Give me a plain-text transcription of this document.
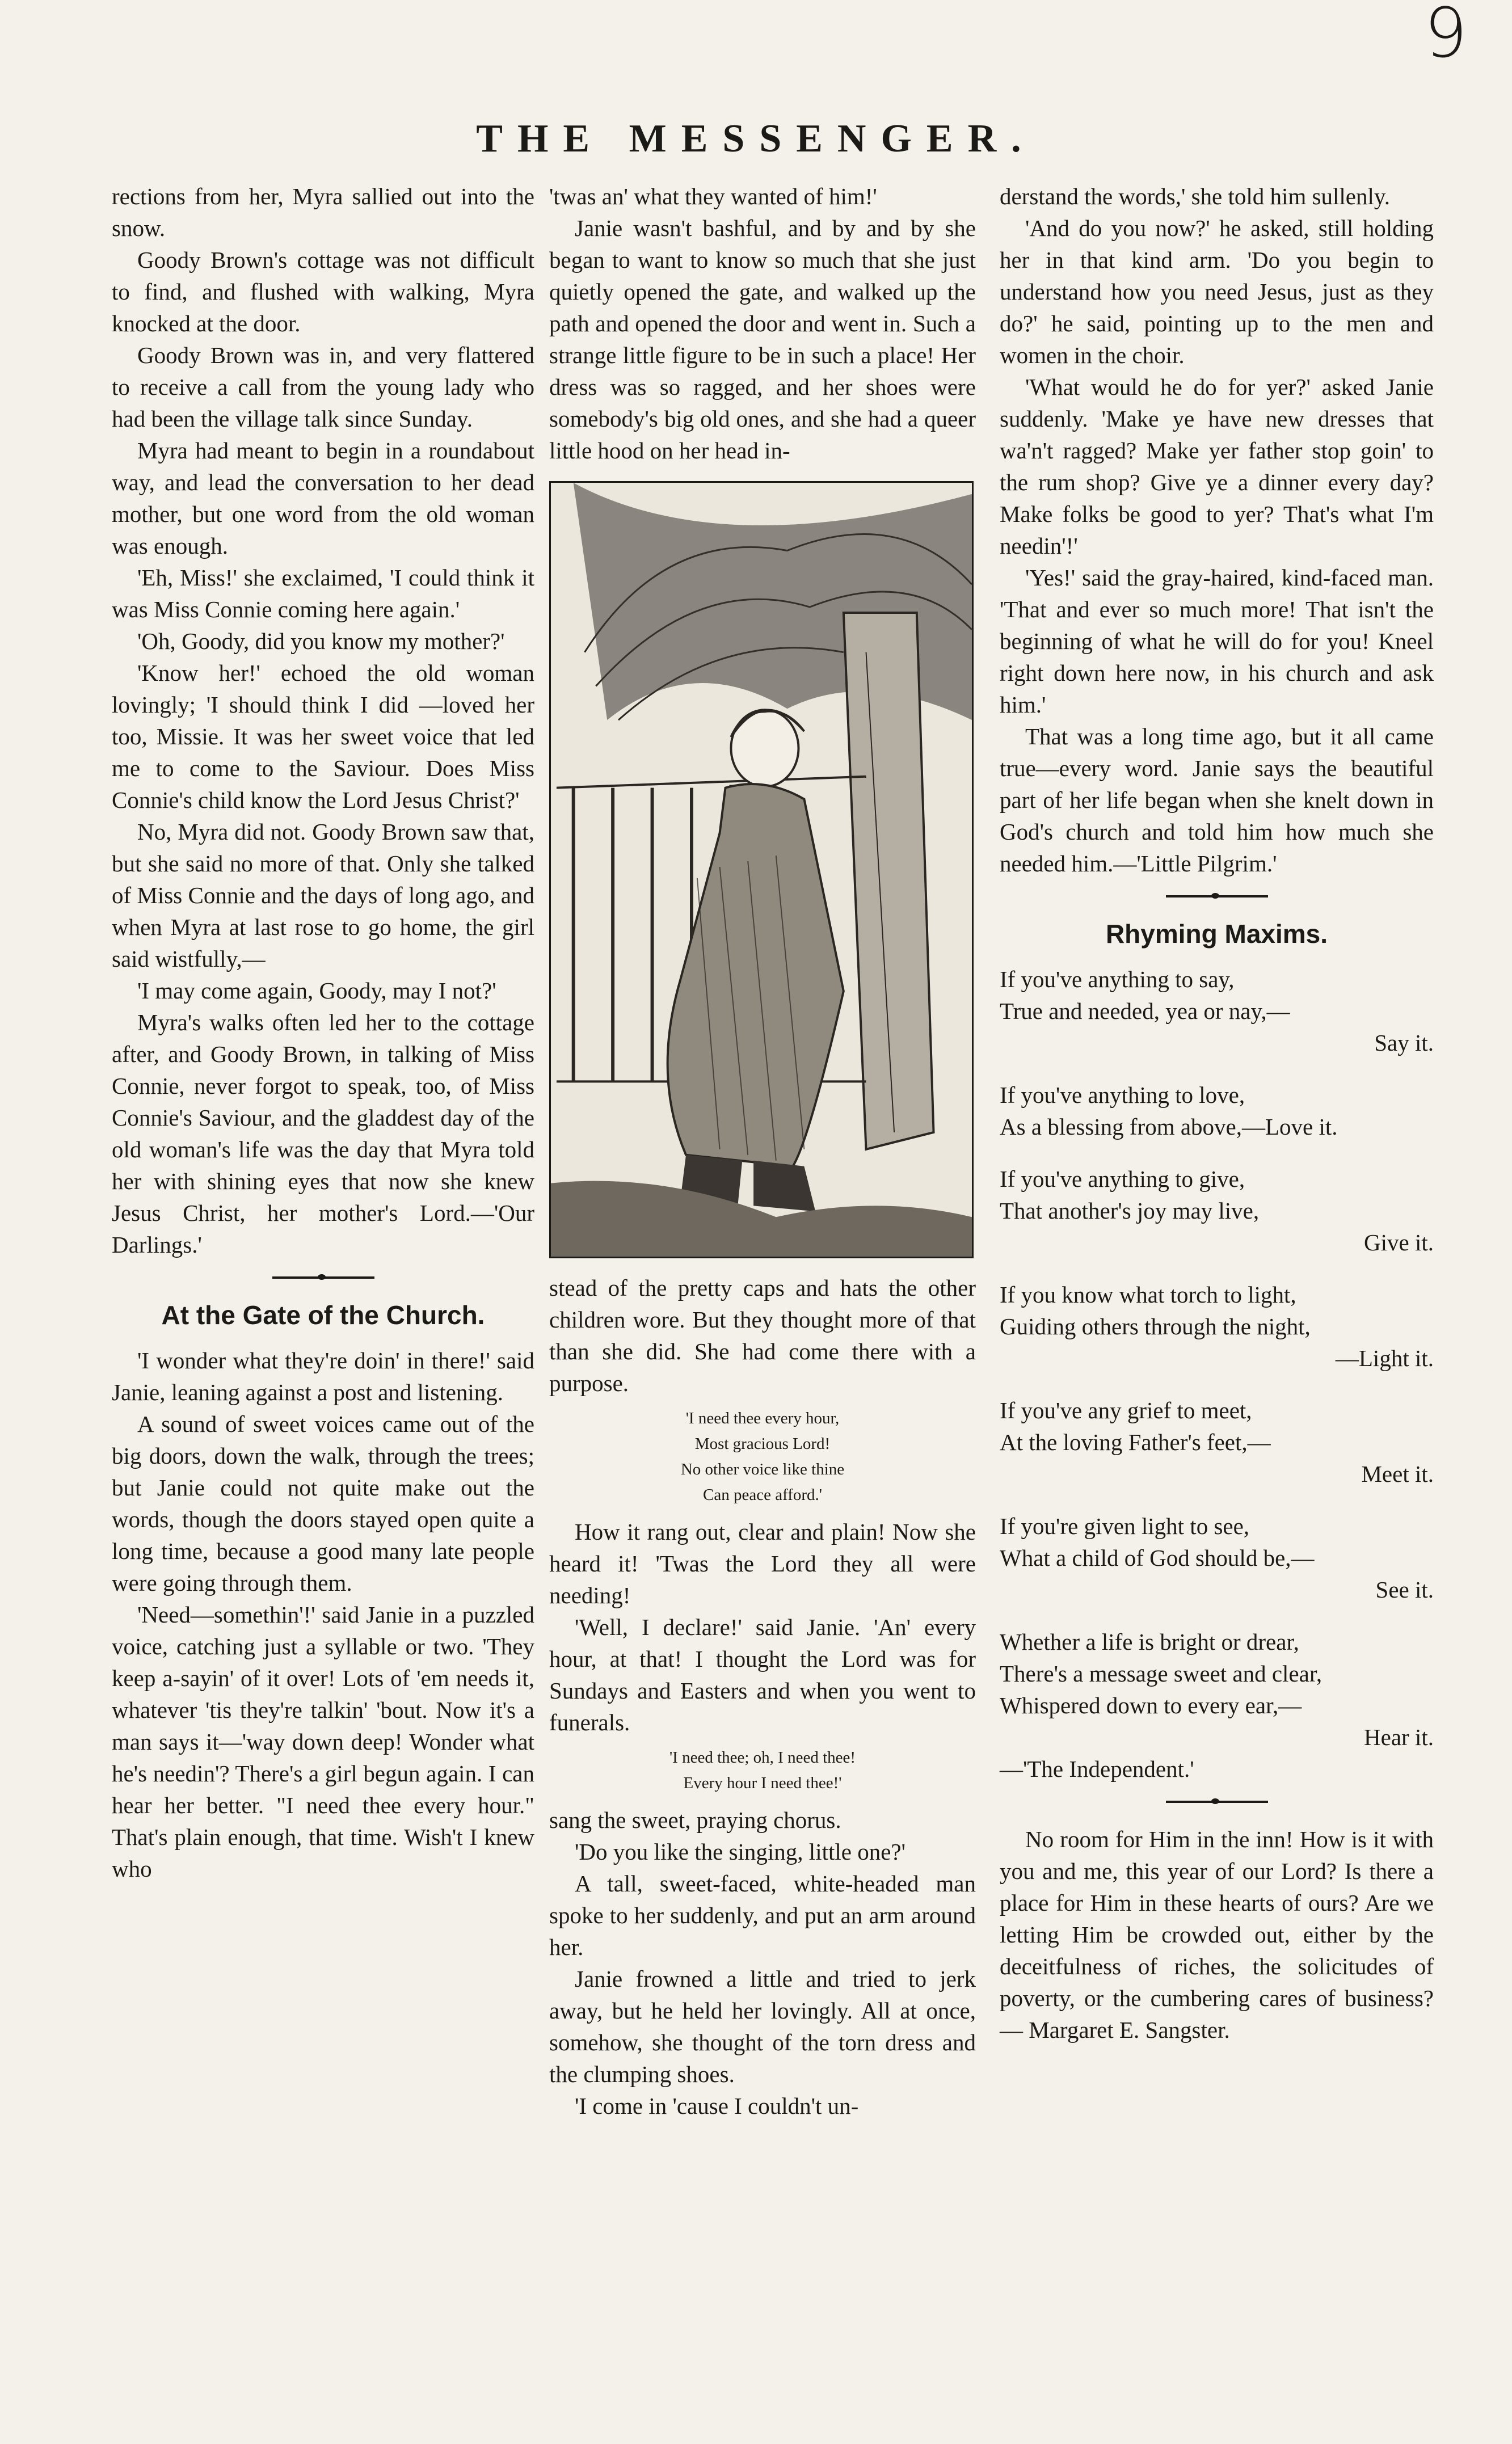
9
THE MESSENGER.

rections from her, Myra sallied out into the snow.

Goody Brown's cottage was not difficult to find, and flushed with walking, Myra knocked at the door.

Goody Brown was in, and very flattered to receive a call from the young lady who had been the village talk since Sunday.

Myra had meant to begin in a roundabout way, and lead the conversation to her dead mother, but one word from the old woman was enough.

'Eh, Miss!' she exclaimed, 'I could think it was Miss Connie coming here again.'

'Oh, Goody, did you know my mother?'

'Know her!' echoed the old woman lovingly; 'I should think I did —loved her too, Missie. It was her sweet voice that led me to come to the Saviour. Does Miss Connie's child know the Lord Jesus Christ?'

No, Myra did not. Goody Brown saw that, but she said no more of that. Only she talked of Miss Connie and the days of long ago, and when Myra at last rose to go home, the girl said wistfully,—

'I may come again, Goody, may I not?'

Myra's walks often led her to the cottage after, and Goody Brown, in talking of Miss Connie, never forgot to speak, too, of Miss Connie's Saviour, and the gladdest day of the old woman's life was the day that Myra told her with shining eyes that now she knew Jesus Christ, her mother's Lord.—'Our Darlings.'

At the Gate of the Church.

'I wonder what they're doin' in there!' said Janie, leaning against a post and listening.

A sound of sweet voices came out of the big doors, down the walk, through the trees; but Janie could not quite make out the words, though the doors stayed open quite a long time, because a good many late people were going through them.

'Need—somethin'!' said Janie in a puzzled voice, catching just a syllable or two. 'They keep a-sayin' of it over! Lots of 'em needs it, whatever 'tis they're talkin' 'bout. Now it's a man says it—'way down deep! Wonder what he's needin'? There's a girl begun again. I can hear her better. "I need thee every hour." That's plain enough, that time. Wish't I knew who

'twas an' what they wanted of him!'

Janie wasn't bashful, and by and by she began to want to know so much that she just quietly opened the gate, and walked up the path and opened the door and went in. Such a strange little figure to be in such a place! Her dress was so ragged, and her shoes were somebody's big old ones, and she had a queer little hood on her head in-

stead of the pretty caps and hats the other children wore. But they thought more of that than she did. She had come there with a purpose.

'I need thee every hour,
Most gracious Lord!
No other voice like thine
Can peace afford.'

How it rang out, clear and plain! Now she heard it! 'Twas the Lord they all were needing!

'Well, I declare!' said Janie. 'An' every hour, at that! I thought the Lord was for Sundays and Easters and when you went to funerals.

'I need thee; oh, I need thee!
Every hour I need thee!'

sang the sweet, praying chorus.

'Do you like the singing, little one?'

A tall, sweet-faced, white-headed man spoke to her suddenly, and put an arm around her.

Janie frowned a little and tried to jerk away, but he held her lovingly. All at once, somehow, she thought of the torn dress and the clumping shoes.

'I come in 'cause I couldn't un-

derstand the words,' she told him sullenly.

'And do you now?' he asked, still holding her in that kind arm. 'Do you begin to understand how you need Jesus, just as they do?' he said, pointing up to the men and women in the choir.

'What would he do for yer?' asked Janie suddenly. 'Make ye have new dresses that wa'n't ragged? Make yer father stop goin' to the rum shop? Give ye a dinner every day? Make folks be good to yer? That's what I'm needin'!'

'Yes!' said the gray-haired, kind-faced man. 'That and ever so much more! That isn't the beginning of what he will do for you! Kneel right down here now, in his church and ask him.'

That was a long time ago, but it all came true—every word. Janie says the beautiful part of her life began when she knelt down in God's church and told him how much she needed him.—'Little Pilgrim.'

Rhyming Maxims.
If you've anything to say,
True and needed, yea or nay,—
Say it.
If you've anything to love,
As a blessing from above,—Love it.
If you've anything to give,
That another's joy may live,
Give it.
If you know what torch to light,
Guiding others through the night,
—Light it.
If you've any grief to meet,
At the loving Father's feet,—
Meet it.
If you're given light to see,
What a child of God should be,—
See it.
Whether a life is bright or drear,
There's a message sweet and clear,
Whispered down to every ear,—
Hear it.

—'The Independent.'

No room for Him in the inn! How is it with you and me, this year of our Lord? Is there a place for Him in these hearts of ours? Are we letting Him be crowded out, either by the deceitfulness of riches, the solicitudes of poverty, or the cumbering cares of business?— Margaret E. Sangster.
